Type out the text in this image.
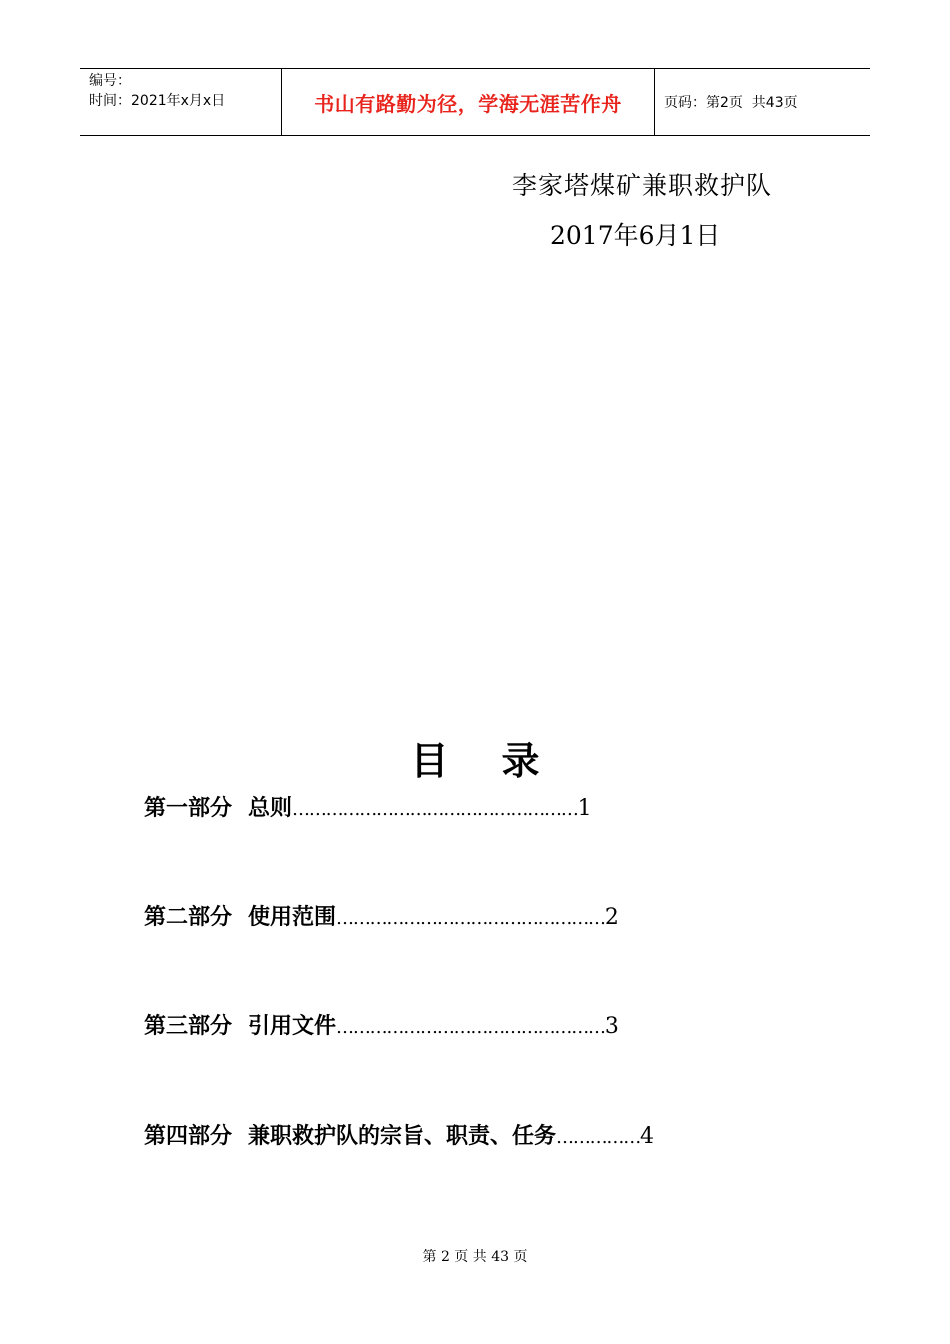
编号：
时间：2021年x月x日	书山有路勤为径，学海无涯苦作舟	页码：第2页  共43页
李家塔煤矿兼职救护队
2017年6月1日
目    录
第一部分 总则……………………………………………1
第二部分 使用范围…………………………………………2
第三部分 引用文件…………………………………………3
第四部分 兼职救护队的宗旨、职责、任务……………4
第 2 页 共 43 页
